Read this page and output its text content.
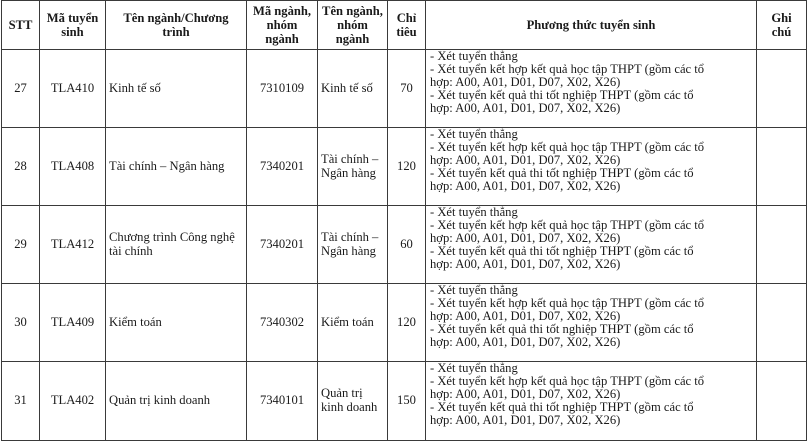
STT	Mã tuyển sinh	Tên ngành/Chương trình	Mã ngành, nhóm ngành	Tên ngành, nhóm ngành	Chỉ tiêu	Phương thức tuyển sinh	Ghi chú
27	TLA410	Kinh tế số	7310109	Kinh tế số	70	- Xét tuyển thẳng
- Xét tuyển kết hợp kết quả học tập THPT (gồm các tổ
hợp: A00, A01, D01, D07, X02, X26)
- Xét tuyển kết quả thi tốt nghiệp THPT (gồm các tổ
hợp: A00, A01, D01, D07, X02, X26)	

28	TLA408	Tài chính – Ngân hàng	7340201	Tài chính – Ngân hàng	120	- Xét tuyển thẳng
- Xét tuyển kết hợp kết quả học tập THPT (gồm các tổ
hợp: A00, A01, D01, D07, X02, X26)
- Xét tuyển kết quả thi tốt nghiệp THPT (gồm các tổ
hợp: A00, A01, D01, D07, X02, X26)	

29	TLA412	Chương trình Công nghệ tài chính	7340201	Tài chính – Ngân hàng	60	- Xét tuyển thẳng
- Xét tuyển kết hợp kết quả học tập THPT (gồm các tổ
hợp: A00, A01, D01, D07, X02, X26)
- Xét tuyển kết quả thi tốt nghiệp THPT (gồm các tổ
hợp: A00, A01, D01, D07, X02, X26)	

30	TLA409	Kiểm toán	7340302	Kiểm toán	120	- Xét tuyển thẳng
- Xét tuyển kết hợp kết quả học tập THPT (gồm các tổ
hợp: A00, A01, D01, D07, X02, X26)
- Xét tuyển kết quả thi tốt nghiệp THPT (gồm các tổ
hợp: A00, A01, D01, D07, X02, X26)	

31	TLA402	Quản trị kinh doanh	7340101	Quản trị kinh doanh	150	- Xét tuyển thẳng
- Xét tuyển kết hợp kết quả học tập THPT (gồm các tổ
hợp: A00, A01, D01, D07, X02, X26)
- Xét tuyển kết quả thi tốt nghiệp THPT (gồm các tổ
hợp: A00, A01, D01, D07, X02, X26)	
